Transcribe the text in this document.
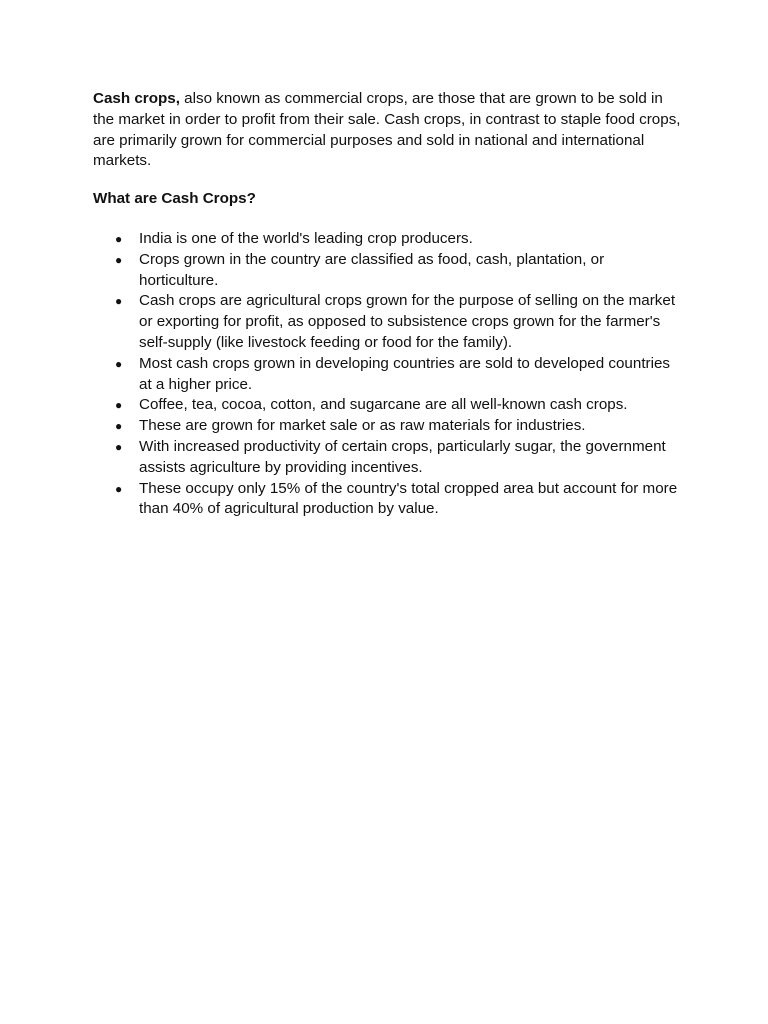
Cash crops, also known as commercial crops, are those that are grown to be sold in the market in order to profit from their sale. Cash crops, in contrast to staple food crops, are primarily grown for commercial purposes and sold in national and international markets.

What are Cash Crops?

● India is one of the world's leading crop producers.
● Crops grown in the country are classified as food, cash, plantation, or horticulture.
● Cash crops are agricultural crops grown for the purpose of selling on the market or exporting for profit, as opposed to subsistence crops grown for the farmer's self-supply (like livestock feeding or food for the family).
● Most cash crops grown in developing countries are sold to developed countries at a higher price.
● Coffee, tea, cocoa, cotton, and sugarcane are all well-known cash crops.
● These are grown for market sale or as raw materials for industries.
● With increased productivity of certain crops, particularly sugar, the government assists agriculture by providing incentives.
● These occupy only 15% of the country's total cropped area but account for more than 40% of agricultural production by value.
